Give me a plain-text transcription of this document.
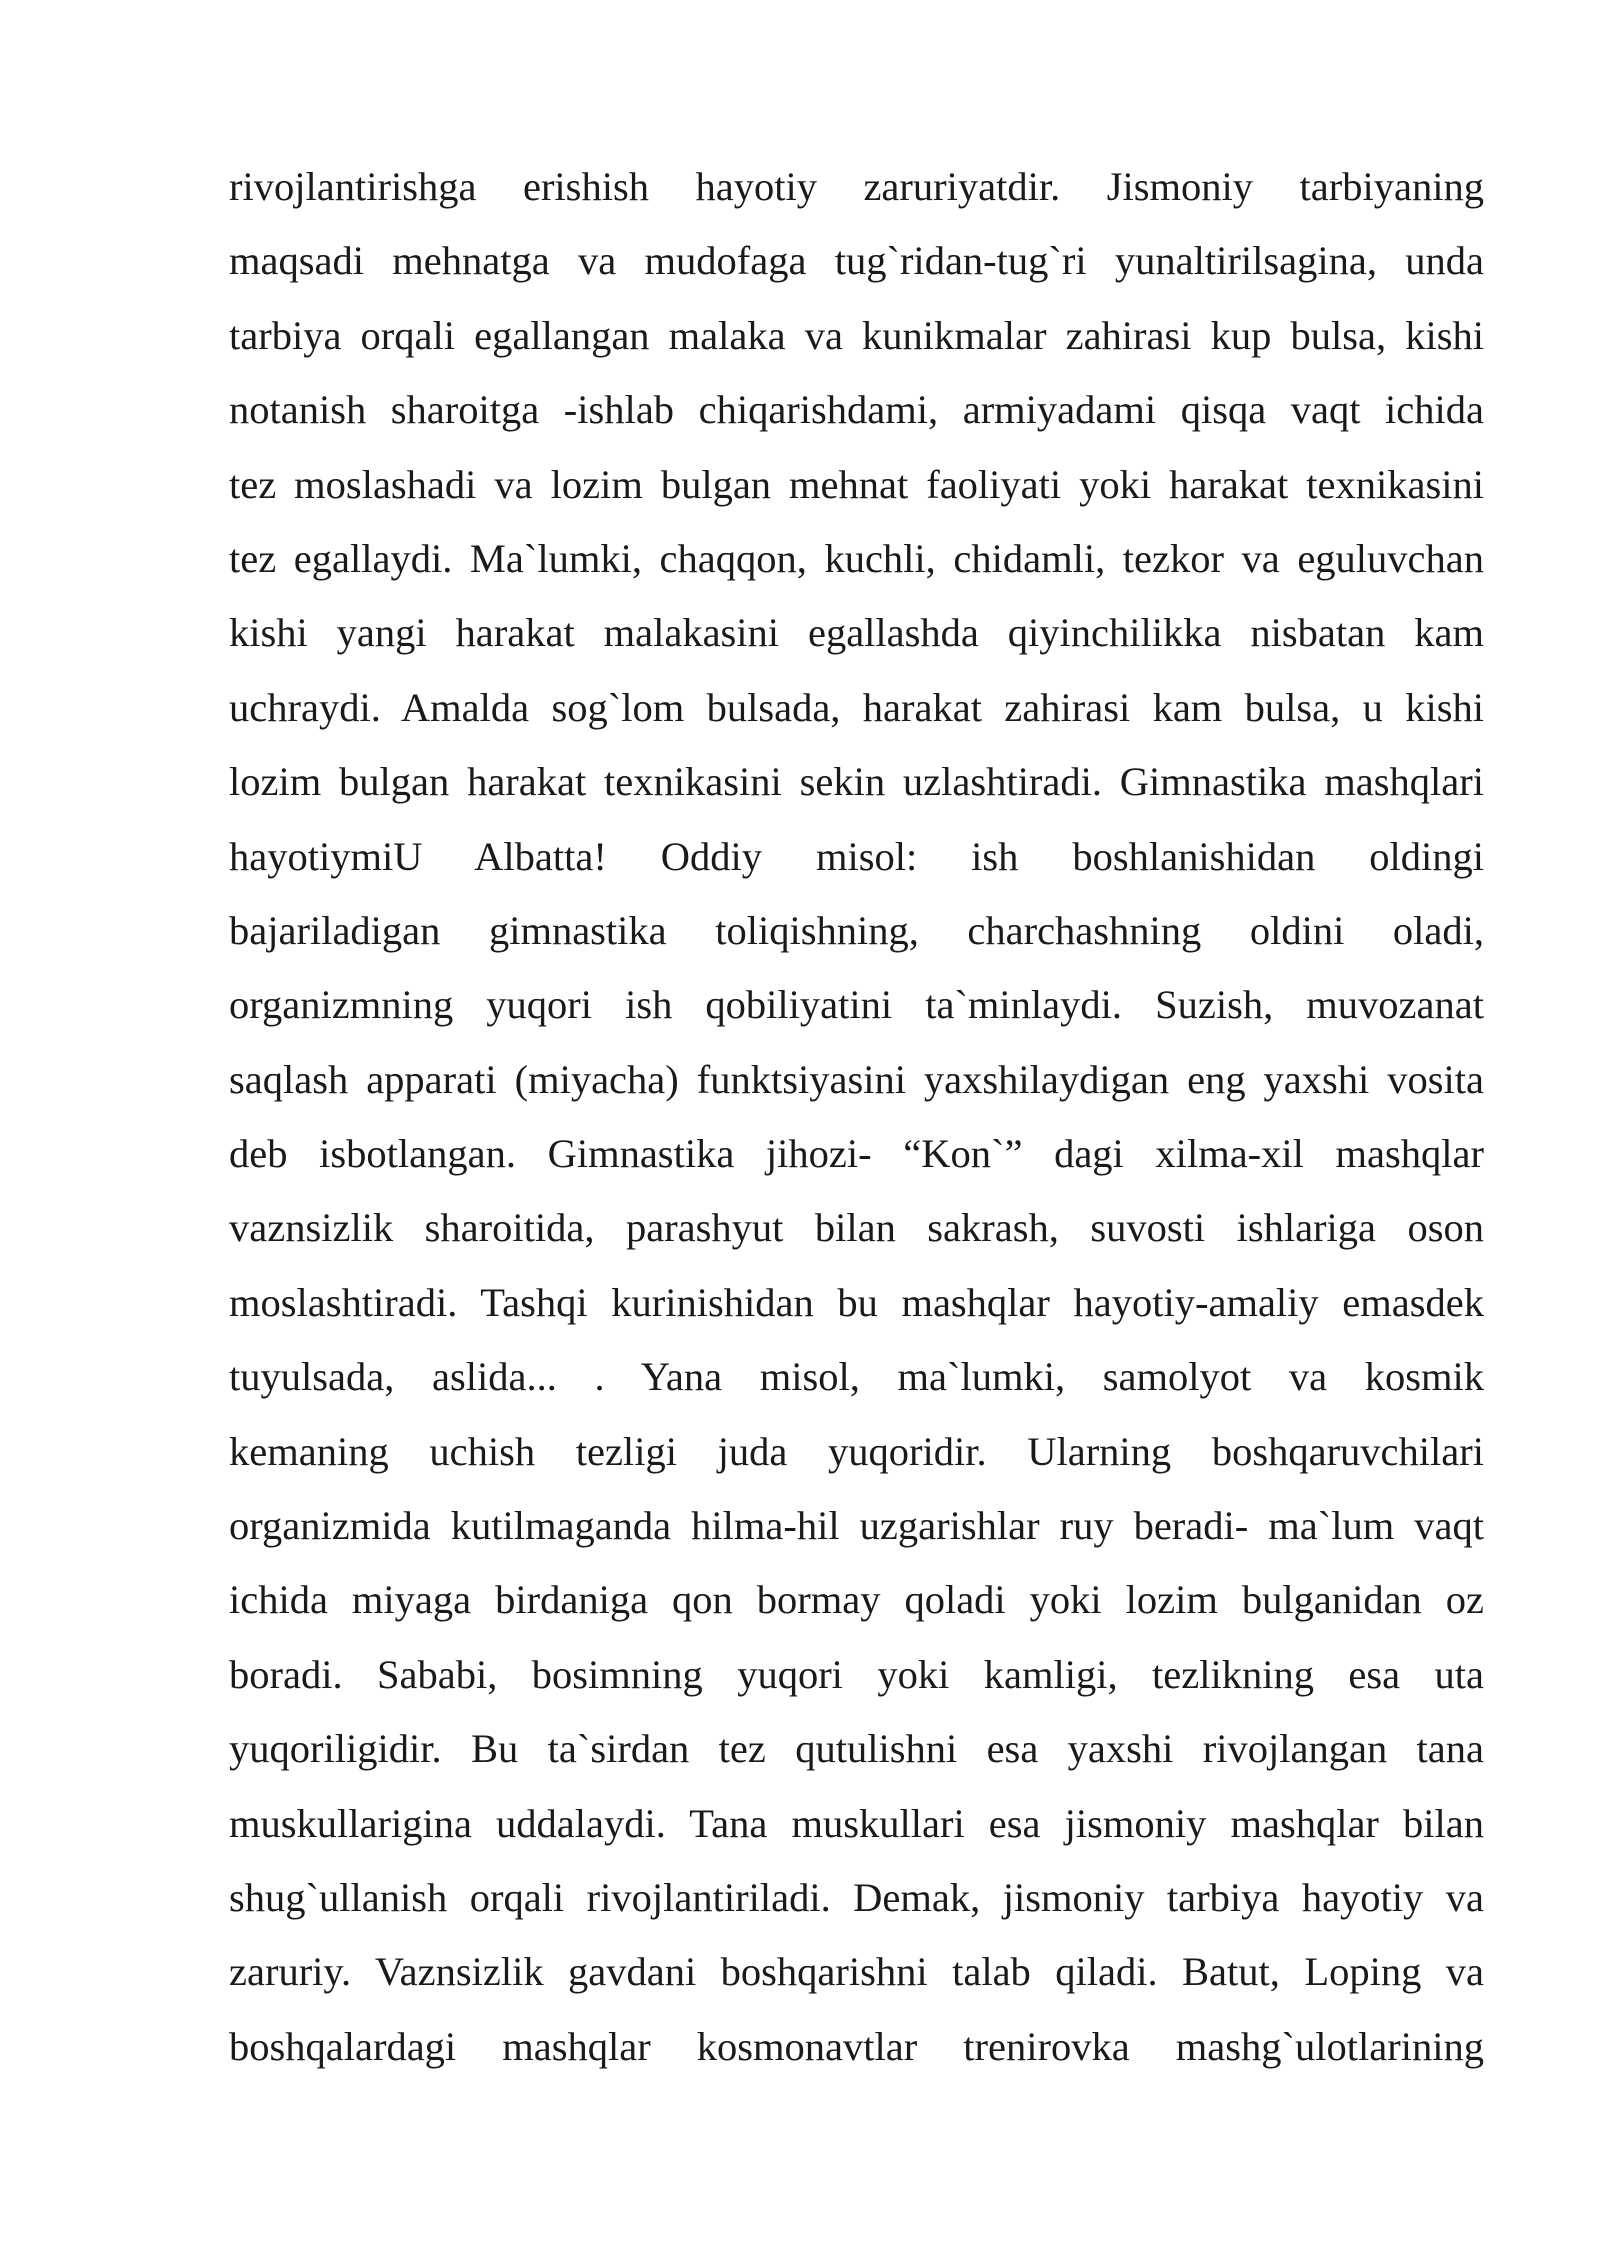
rivojlantirishga erishish hayotiy zaruriyatdir. Jismoniy tarbiyaning
maqsadi mehnatga va mudofaga tug`ridan-tug`ri yunaltirilsagina, unda
tarbiya orqali egallangan malaka va kunikmalar zahirasi kup bulsa, kishi
notanish sharoitga -ishlab chiqarishdami, armiyadami qisqa vaqt ichida
tez moslashadi va lozim bulgan mehnat faoliyati yoki harakat texnikasini
tez egallaydi. Ma`lumki, chaqqon, kuchli, chidamli, tezkor va eguluvchan
kishi yangi harakat malakasini egallashda qiyinchilikka nisbatan kam
uchraydi. Amalda sog`lom bulsada, harakat zahirasi kam bulsa, u kishi
lozim bulgan harakat texnikasini sekin uzlashtiradi. Gimnastika mashqlari
hayotiymiU Albatta! Oddiy misol: ish boshlanishidan oldingi
bajariladigan gimnastika toliqishning, charchashning oldini oladi,
organizmning yuqori ish qobiliyatini ta`minlaydi. Suzish, muvozanat
saqlash apparati (miyacha) funktsiyasini yaxshilaydigan eng yaxshi vosita
deb isbotlangan. Gimnastika jihozi- “Kon`” dagi xilma-xil mashqlar
vaznsizlik sharoitida, parashyut bilan sakrash, suvosti ishlariga oson
moslashtiradi. Tashqi kurinishidan bu mashqlar hayotiy-amaliy emasdek
tuyulsada, aslida... . Yana misol, ma`lumki, samolyot va kosmik
kemaning uchish tezligi juda yuqoridir. Ularning boshqaruvchilari
organizmida kutilmaganda hilma-hil uzgarishlar ruy beradi- ma`lum vaqt
ichida miyaga birdaniga qon bormay qoladi yoki lozim bulganidan oz
boradi. Sababi, bosimning yuqori yoki kamligi, tezlikning esa uta
yuqoriligidir. Bu ta`sirdan tez qutulishni esa yaxshi rivojlangan tana
muskullariginа uddalaydi. Tana muskullari esa jismoniy mashqlar bilan
shug`ullanish orqali rivojlantiriladi. Demak, jismoniy tarbiya hayotiy va
zaruriy. Vaznsizlik gavdani boshqarishni talab qiladi. Batut, Loping va
boshqalardagi mashqlar kosmonavtlar trenirovka mashg`ulotlarining
